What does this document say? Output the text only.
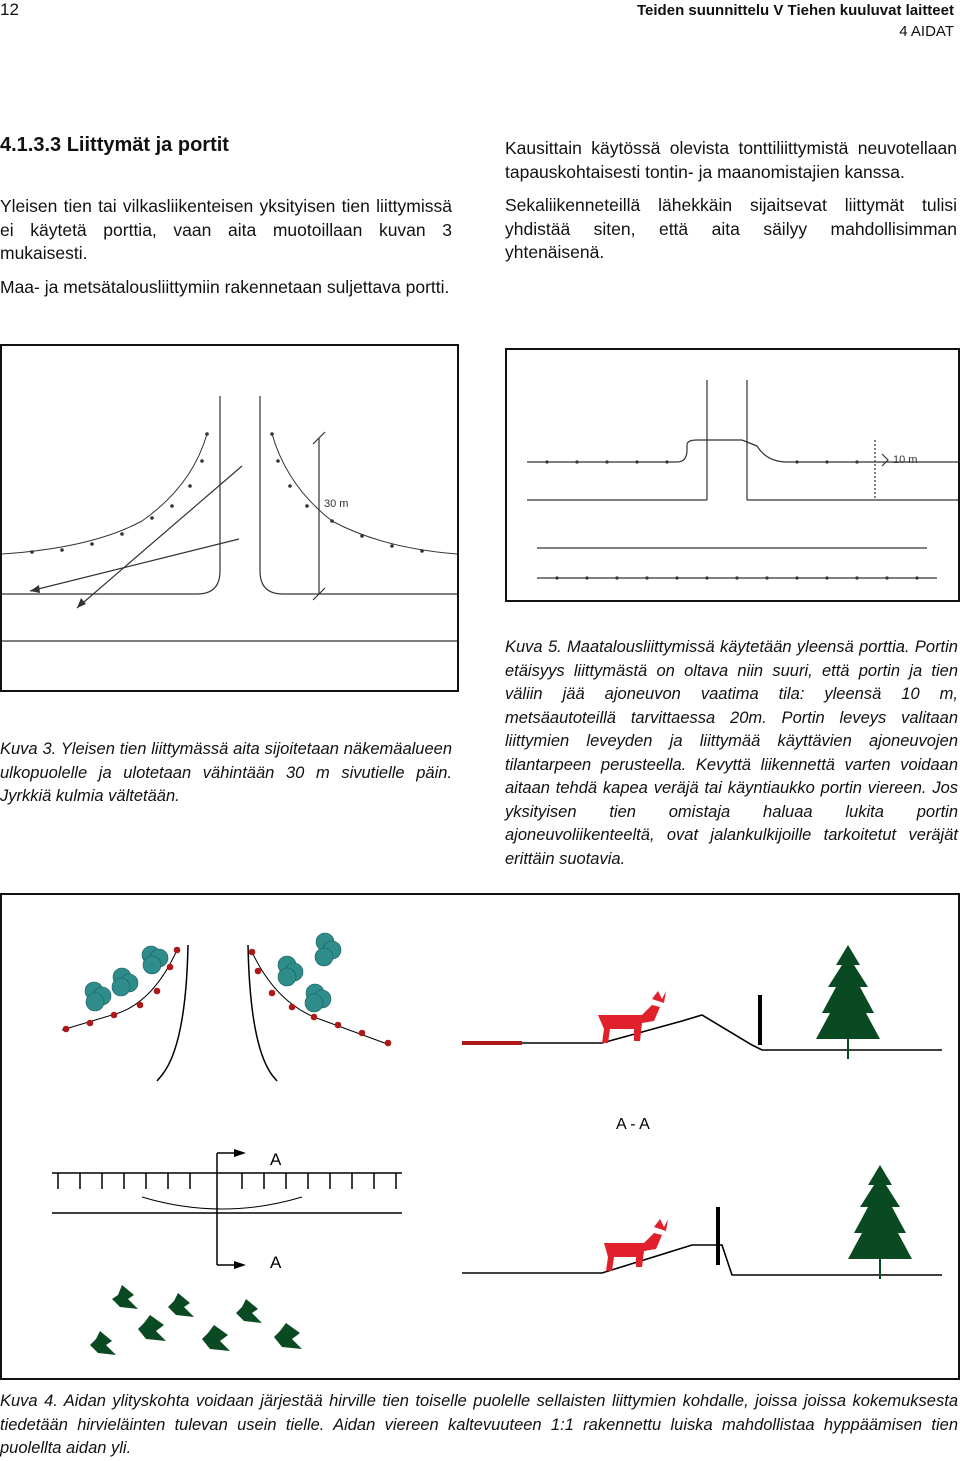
12	Teiden suunnittelu V Tiehen kuuluvat laitteet
4 AIDAT
4.1.3.3 Liittymät ja portit

Yleisen tien tai vilkasliikenteisen yksityisen tien liittymissä ei käytetä porttia, vaan aita muotoillaan kuvan 3 mukaisesti.

Maa- ja metsätalousliittymiin rakennetaan suljettava portti.

Kausittain käytössä olevista tonttiliittymistä neuvotellaan tapauskohtaisesti tontin- ja maanomistajien kanssa.

Sekaliikenneteillä lähekkäin sijaitsevat liittymät tulisi yhdistää siten, että aita säilyy mahdollisimman yhtenäisenä.

30 m
10 m
Kuva 3. Yleisen tien liittymässä aita sijoitetaan näkemäalueen ulkopuolelle ja ulotetaan vähintään 30 m sivutielle päin. Jyrkkiä kulmia vältetään.
Kuva 5. Maatalousliittymissä käytetään yleensä porttia. Portin etäisyys liittymästä on oltava niin suuri, että portin ja tien väliin jää ajoneuvon vaatima tila: yleensä 10 m, metsäautoteillä tarvittaessa 20m. Portin leveys valitaan liittymien leveyden ja liittymää käyttävien ajoneuvojen tilantarpeen perusteella. Kevyttä liikennettä varten voidaan aitaan tehdä kapea veräjä tai käyntiaukko portin viereen. Jos yksityisen tien omistaja haluaa lukita portin ajoneuvoliikenteeltä, ovat jalankulkijoille tarkoitetut veräjät erittäin suotavia.
A
A
A - A
Kuva 4. Aidan ylityskohta voidaan järjestää hirville tien toiselle puolelle sellaisten liittymien kohdalle, joissa joissa kokemuksesta tiedetään hirvieläinten tulevan usein tielle. Aidan viereen kaltevuuteen 1:1 rakennettu luiska mahdollistaa hyppäämisen tien puolellta aidan yli.
